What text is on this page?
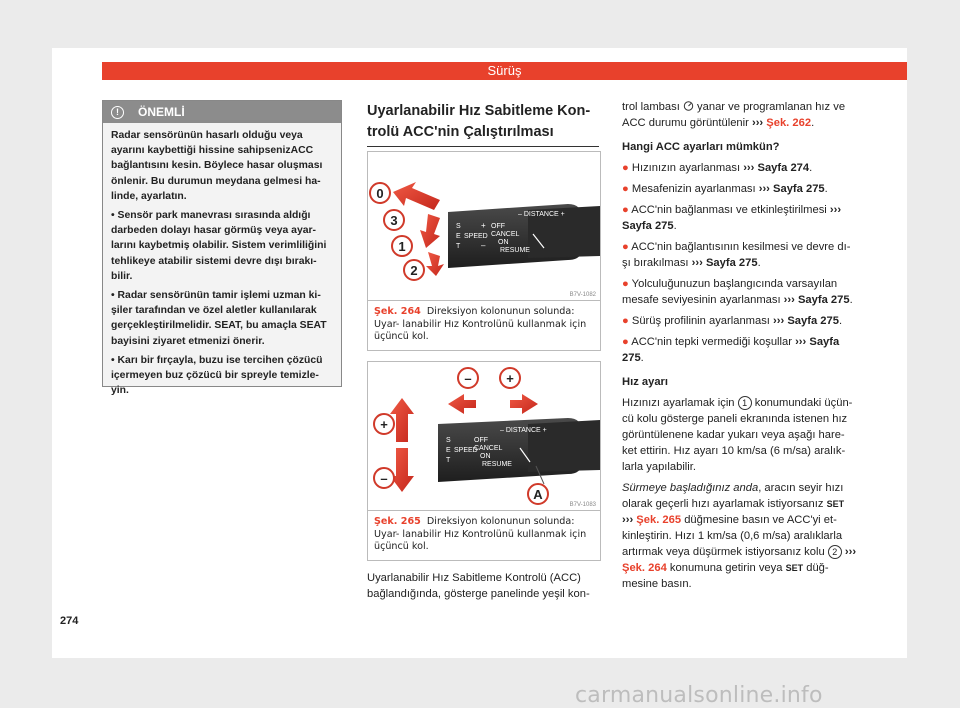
Sürüş
!	ÖNEMLİ

Radar sensörünün hasarlı olduğu veya ayarını kaybettiği hissine sahipsenizACC bağlantısını kesin. Böylece hasar oluşması önlenir. Bu durumun meydana gelmesi ha- linde, ayarlatın.

• Sensör park manevrası sırasında aldığı darbeden dolayı hasar görmüş veya ayar- larını kaybetmiş olabilir. Sistem verimliliğini tehlikeye atabilir sistemi devre dışı bırakı- bilir.

• Radar sensörünün tamir işlemi uzman ki- şiler tarafından ve özel aletler kullanılarak gerçekleştirilmelidir. SEAT, bu amaçla SEAT bayisini ziyaret etmenizi önerir.

• Karı bir fırçayla, buzu ise tercihen çözücü içermeyen buz çözücü bir spreyle temizle- yin.

Uyarlanabilir Hız Sabitleme Kon- trolü ACC'nin Çalıştırılması
– DISTANCE +
S
E
T
SPEED
+
–
OFF
CANCEL
ON
RESUME
0
3
1
2
B7V-1082
Şek. 264 Direksiyon kolonunun solunda: Uyar- lanabilir Hız Kontrolünü kullanmak için üçüncü kol.
– DISTANCE +
S
E
T
SPEED
OFF
CANCEL
ON
RESUME
–	+
+
–
A
B7V-1083
Şek. 265 Direksiyon kolonunun solunda: Uyar- lanabilir Hız Kontrolünü kullanmak için üçüncü kol.
Uyarlanabilir Hız Sabitleme Kontrolü (ACC) bağlandığında, gösterge panelinde yeşil kon-

trol lambası yanar ve programlanan hız ve ACC durumu görüntülenir ››› Şek. 262.

Hangi ACC ayarları mümkün?

● Hızınızın ayarlanması ››› Sayfa 274.

● Mesafenizin ayarlanması ››› Sayfa 275.

● ACC'nin bağlanması ve etkinleştirilmesi ››› Sayfa 275.

● ACC'nin bağlantısının kesilmesi ve devre dı- şı bırakılması ››› Sayfa 275.

● Yolculuğunuzun başlangıcında varsayılan mesafe seviyesinin ayarlanması ››› Sayfa 275.

● Sürüş profilinin ayarlanması ››› Sayfa 275.

● ACC'nin tepki vermediği koşullar ››› Sayfa 275.

Hız ayarı

Hızınızı ayarlamak için 1 konumundaki üçün- cü kolu gösterge paneli ekranında istenen hız görüntülenene kadar yukarı veya aşağı hare- ket ettirin. Hız ayarı 10 km/sa (6 m/sa) aralık- larla yapılabilir.

Sürmeye başladığınız anda, aracın seyir hızı olarak geçerli hızı ayarlamak istiyorsanız SET ››› Şek. 265 düğmesine basın ve ACC'yi et- kinleştirin. Hızı 1 km/sa (0,6 m/sa) aralıklarla artırmak veya düşürmek istiyorsanız kolu 2 ››› Şek. 264 konumuna getirin veya SET düğ- mesine basın.

274
carmanualsonline.info
